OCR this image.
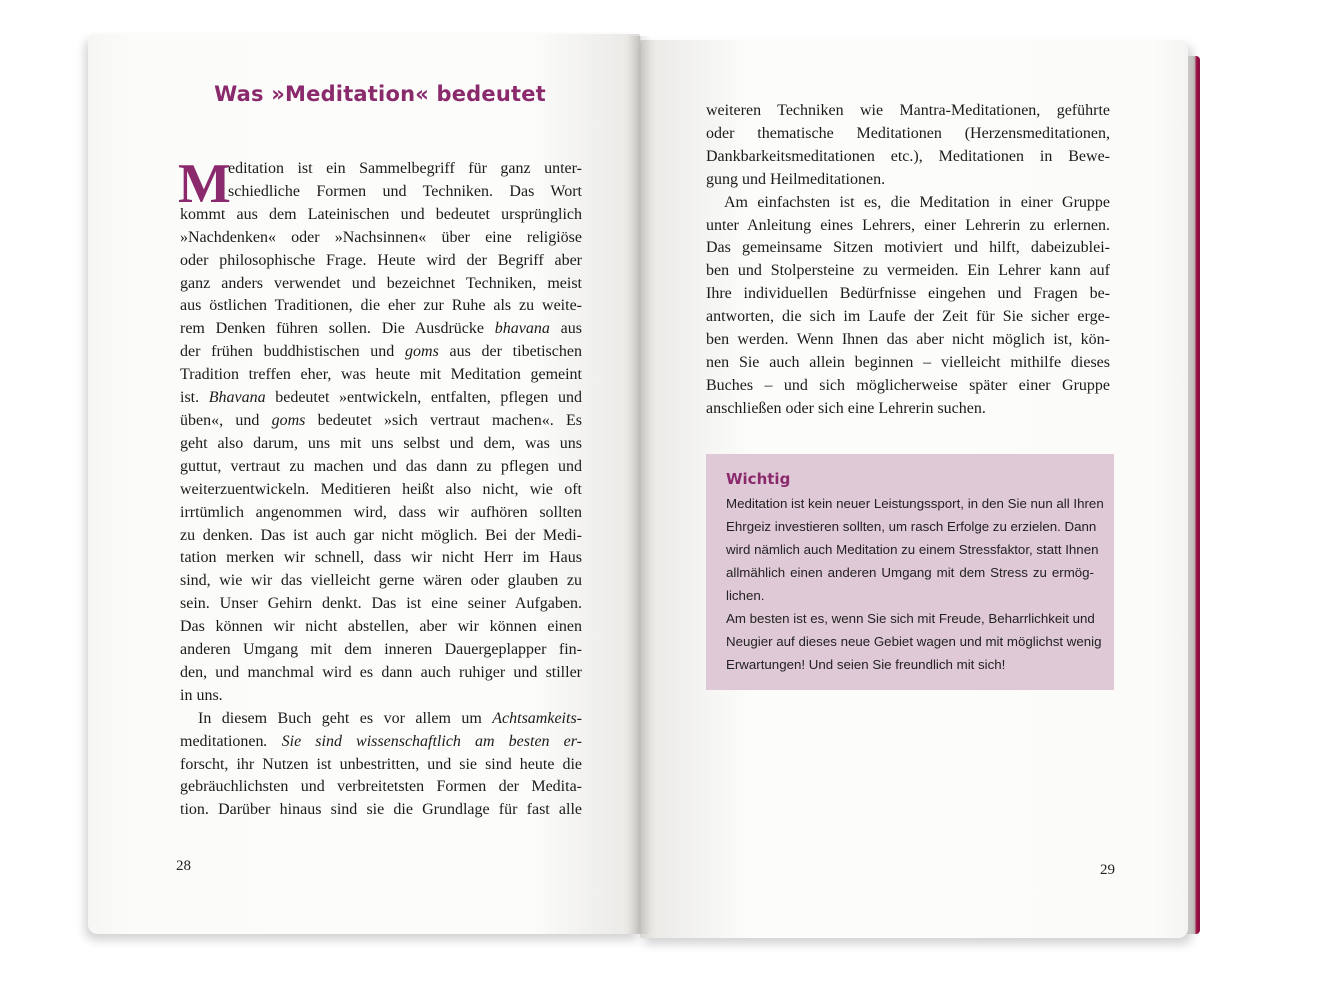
Was »Meditation« bedeutet
M
editation ist ein Sammelbegriff für ganz unter-
schiedliche Formen und Techniken. Das Wort
kommt aus dem Lateinischen und bedeutet ursprünglich
»Nachdenken« oder »Nachsinnen« über eine religiöse
oder philosophische Frage. Heute wird der Begriff aber
ganz anders verwendet und bezeichnet Techniken, meist
aus östlichen Traditionen, die eher zur Ruhe als zu weite-
rem Denken führen sollen. Die Ausdrücke bhavana aus
der frühen buddhistischen und goms aus der tibetischen
Tradition treffen eher, was heute mit Meditation gemeint
ist. Bhavana bedeutet »entwickeln, entfalten, pflegen und
üben«, und goms bedeutet »sich vertraut machen«. Es
geht also darum, uns mit uns selbst und dem, was uns
guttut, vertraut zu machen und das dann zu pflegen und
weiterzuentwickeln. Meditieren heißt also nicht, wie oft
irrtümlich angenommen wird, dass wir aufhören sollten
zu denken. Das ist auch gar nicht möglich. Bei der Medi-
tation merken wir schnell, dass wir nicht Herr im Haus
sind, wie wir das vielleicht gerne wären oder glauben zu
sein. Unser Gehirn denkt. Das ist eine seiner Aufgaben.
Das können wir nicht abstellen, aber wir können einen
anderen Umgang mit dem inneren Dauergeplapper fin-
den, und manchmal wird es dann auch ruhiger und stiller
in uns.
In diesem Buch geht es vor allem um Achtsamkeits-
meditationen. Sie sind wissenschaftlich am besten er-
forscht, ihr Nutzen ist unbestritten, und sie sind heute die
gebräuchlichsten und verbreitetsten Formen der Medita-
tion. Darüber hinaus sind sie die Grundlage für fast alle
28
weiteren Techniken wie Mantra-Meditationen, geführte
oder thematische Meditationen (Herzensmeditationen,
Dankbarkeitsmeditationen etc.), Meditationen in Bewe-
gung und Heilmeditationen.
Am einfachsten ist es, die Meditation in einer Gruppe
unter Anleitung eines Lehrers, einer Lehrerin zu erlernen.
Das gemeinsame Sitzen motiviert und hilft, dabeizublei-
ben und Stolpersteine zu vermeiden. Ein Lehrer kann auf
Ihre individuellen Bedürfnisse eingehen und Fragen be-
antworten, die sich im Laufe der Zeit für Sie sicher erge-
ben werden. Wenn Ihnen das aber nicht möglich ist, kön-
nen Sie auch allein beginnen – vielleicht mithilfe dieses
Buches – und sich möglicherweise später einer Gruppe
anschließen oder sich eine Lehrerin suchen.
Wichtig
Meditation ist kein neuer Leistungssport, in den Sie nun all Ihren
Ehrgeiz investieren sollten, um rasch Erfolge zu erzielen. Dann
wird nämlich auch Meditation zu einem Stressfaktor, statt Ihnen
allmählich einen anderen Umgang mit dem Stress zu ermög-
lichen.
Am besten ist es, wenn Sie sich mit Freude, Beharrlichkeit und
Neugier auf dieses neue Gebiet wagen und mit möglichst wenig
Erwartungen! Und seien Sie freundlich mit sich!
29
